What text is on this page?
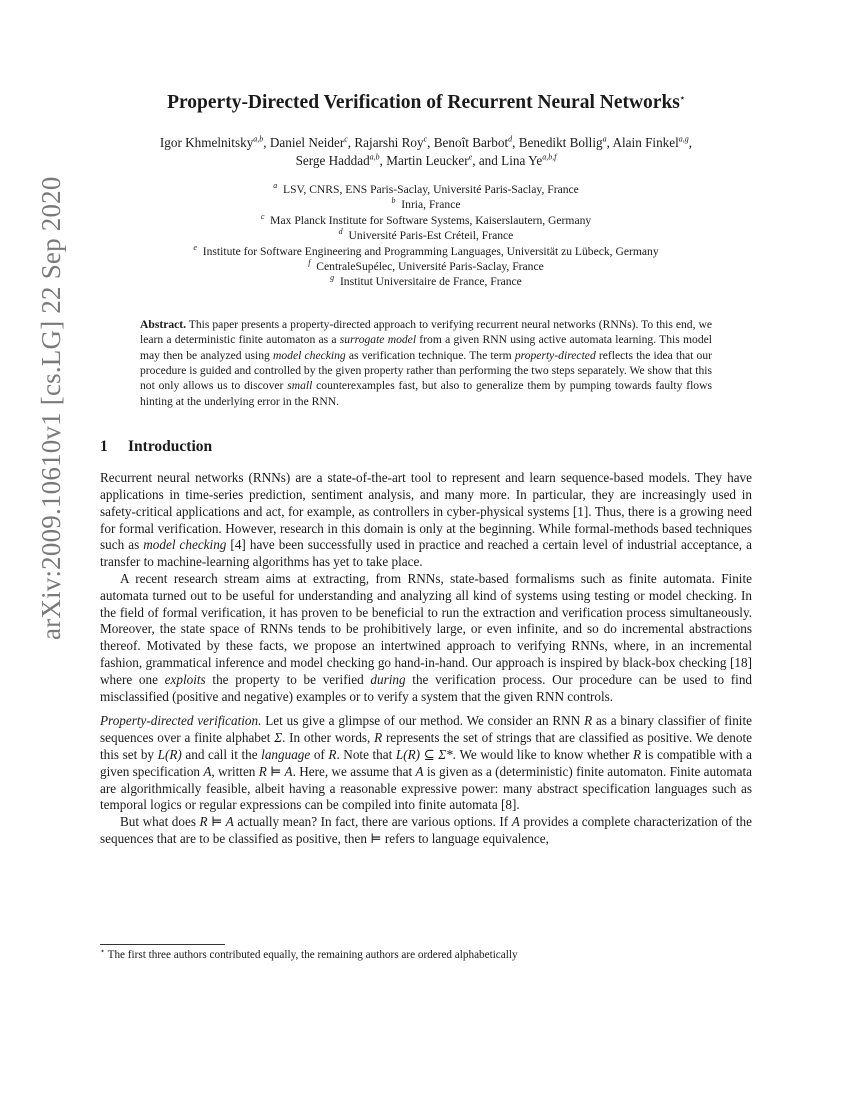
arXiv:2009.10610v1 [cs.LG] 22 Sep 2020
Property-Directed Verification of Recurrent Neural Networks⋆
Igor Khmelnitsky$^{a,b}$, Daniel Neider$^c$, Rajarshi Roy$^c$, Benoît Barbot$^d$, Benedikt Bollig$^a$, Alain Finkel$^{a,g}$,
Serge Haddad$^{a,b}$, Martin Leucker$^e$, and Lina Ye$^{a,b,f}$
$^a$ LSV, CNRS, ENS Paris-Saclay, Université Paris-Saclay, France
$^b$ Inria, France
$^c$ Max Planck Institute for Software Systems, Kaiserslautern, Germany
$^d$ Université Paris-Est Créteil, France
$^e$ Institute for Software Engineering and Programming Languages, Universität zu Lübeck, Germany
$^f$ CentraleSupélec, Université Paris-Saclay, France
$^g$ Institut Universitaire de France, France
Abstract. This paper presents a property-directed approach to verifying recurrent neural networks (RNNs). To this end, we learn a deterministic finite automaton as a surrogate model from a given RNN using active automata learning. This model may then be analyzed using model checking as verification technique. The term property-directed reflects the idea that our procedure is guided and controlled by the given property rather than performing the two steps separately. We show that this not only allows us to discover small counterexamples fast, but also to generalize them by pumping towards faulty flows hinting at the underlying error in the RNN.
1 Introduction

Recurrent neural networks (RNNs) are a state-of-the-art tool to represent and learn sequence-based models. They have applications in time-series prediction, sentiment analysis, and many more. In particular, they are increasingly used in safety-critical applications and act, for example, as controllers in cyber-physical systems [1]. Thus, there is a growing need for formal verification. However, research in this domain is only at the beginning. While formal-methods based techniques such as model checking [4] have been successfully used in practice and reached a certain level of industrial acceptance, a transfer to machine-learning algorithms has yet to take place.

A recent research stream aims at extracting, from RNNs, state-based formalisms such as finite automata. Finite automata turned out to be useful for understanding and analyzing all kind of systems using testing or model checking. In the field of formal verification, it has proven to be beneficial to run the extraction and verification process simultaneously. Moreover, the state space of RNNs tends to be prohibitively large, or even infinite, and so do incremental abstractions thereof. Motivated by these facts, we propose an intertwined approach to verifying RNNs, where, in an incremental fashion, grammatical inference and model checking go hand-in-hand. Our approach is inspired by black-box checking [18] where one exploits the property to be verified during the verification process. Our procedure can be used to find misclassified (positive and negative) examples or to verify a system that the given RNN controls.

Property-directed verification. Let us give a glimpse of our method. We consider an RNN R as a binary classifier of finite sequences over a finite alphabet Σ. In other words, R represents the set of strings that are classified as positive. We denote this set by L(R) and call it the language of R. Note that L(R) ⊆ Σ*. We would like to know whether R is compatible with a given specification A, written R ⊨ A. Here, we assume that A is given as a (deterministic) finite automaton. Finite automata are algorithmically feasible, albeit having a reasonable expressive power: many abstract specification languages such as temporal logics or regular expressions can be compiled into finite automata [8].

But what does R ⊨ A actually mean? In fact, there are various options. If A provides a complete characterization of the sequences that are to be classified as positive, then ⊨ refers to language equivalence,

⋆ The first three authors contributed equally, the remaining authors are ordered alphabetically
